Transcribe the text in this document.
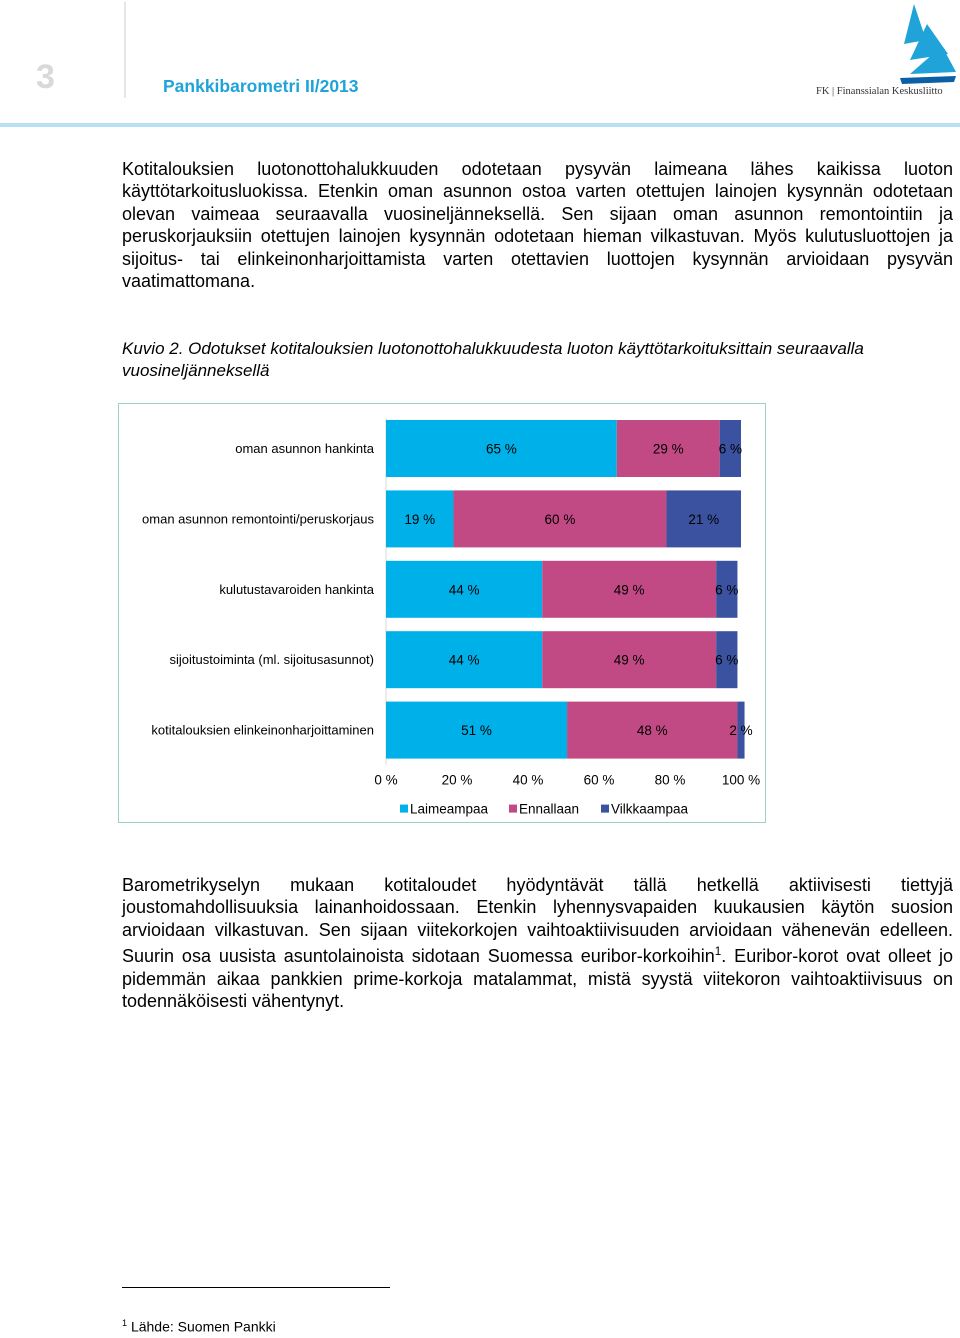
3	Pankkibarometri II/2013	FK | Finanssialan Keskusliitto
Kotitalouksien luotonottohalukkuuden odotetaan pysyvän laimeana lähes kaikissa luoton käyttötarkoitusluokissa. Etenkin oman asunnon ostoa varten otettujen lainojen kysynnän odotetaan olevan vaimeaa seuraavalla vuosineljänneksellä. Sen sijaan oman asunnon remontointiin ja peruskorjauksiin otettujen lainojen kysynnän odotetaan hieman vilkastuvan. Myös kulutusluottojen ja sijoitus- tai elinkeinonharjoittamista varten otettavien luottojen kysynnän arvioidaan pysyvän vaatimattomana.
Kuvio 2. Odotukset kotitalouksien luotonottohalukkuudesta luoton käyttötarkoituksittain seuraavalla vuosineljänneksellä
oman asunnon hankinta	65 %	29 %	6 %
oman asunnon remontointi/peruskorjaus 19 %	60 %	21 %
kulutustavaroiden hankinta	44 %	49 %	6 %
sijoitustoiminta (ml. sijoitusasunnot)	44 %	49 %	6 %
kotitalouksien elinkeinonharjoittaminen	51 %	48 %	2 %
0 %	20 %	40 %	60 %	80 %	100 %
Laimeampaa Ennallaan Vilkkaampaa
Barometrikyselyn mukaan kotitaloudet hyödyntävät tällä hetkellä aktiivisesti tiettyjä joustomahdollisuuksia lainanhoidossaan. Etenkin lyhennysvapaiden kuukausien käytön suosion arvioidaan vilkastuvan. Sen sijaan viitekorkojen vaihtoaktiivisuuden arvioidaan vähenevän edelleen. Suurin osa uusista asuntolainoista sidotaan Suomessa euribor-korkoihin$^1$. Euribor-korot ovat olleet jo pidemmän aikaa pankkien prime-korkoja matalammat, mistä syystä viitekoron vaihtoaktiivisuus on todennäköisesti vähentynyt.
$^1$ Lähde: Suomen Pankki
